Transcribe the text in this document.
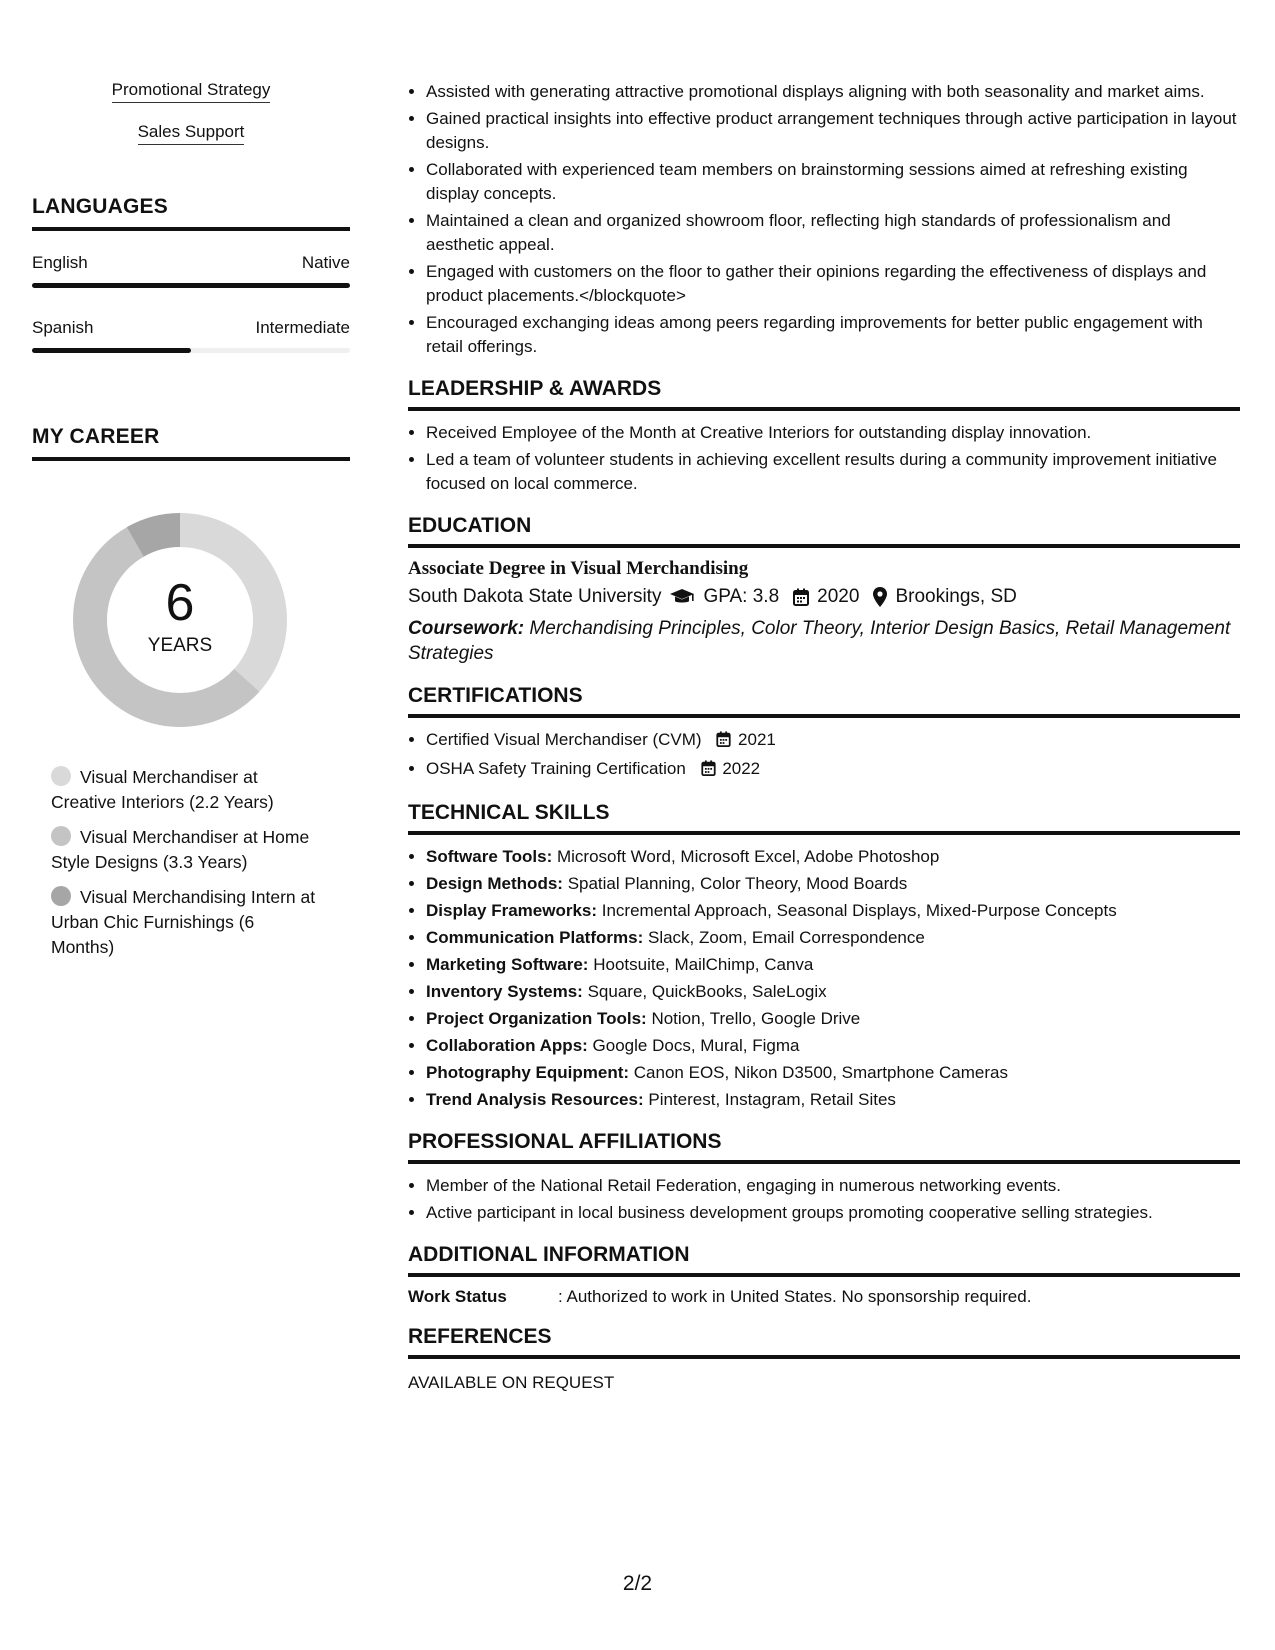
Promotional Strategy
Sales Support
LANGUAGES
English	Native
Spanish	Intermediate
MY CAREER
6
YEARS
Visual Merchandiser at Creative Interiors (2.2 Years)
Visual Merchandiser at Home Style Designs (3.3 Years)
Visual Merchandising Intern at Urban Chic Furnishings (6 Months)
• Assisted with generating attractive promotional displays aligning with both seasonality and market aims.
• Gained practical insights into effective product arrangement techniques through active participation in layout designs.
• Collaborated with experienced team members on brainstorming sessions aimed at refreshing existing display concepts.
• Maintained a clean and organized showroom floor, reflecting high standards of professionalism and aesthetic appeal.
• Engaged with customers on the floor to gather their opinions regarding the effectiveness of displays and product placements.</blockquote>
• Encouraged exchanging ideas among peers regarding improvements for better public engagement with retail offerings.
LEADERSHIP & AWARDS
• Received Employee of the Month at Creative Interiors for outstanding display innovation.
• Led a team of volunteer students in achieving excellent results during a community improvement initiative focused on local commerce.
EDUCATION
Associate Degree in Visual Merchandising
South Dakota State University GPA: 3.8 2020 Brookings, SD
Coursework: Merchandising Principles, Color Theory, Interior Design Basics, Retail Management Strategies
CERTIFICATIONS
• Certified Visual Merchandiser (CVM) 2021
• OSHA Safety Training Certification 2022
TECHNICAL SKILLS
• Software Tools: Microsoft Word, Microsoft Excel, Adobe Photoshop
• Design Methods: Spatial Planning, Color Theory, Mood Boards
• Display Frameworks: Incremental Approach, Seasonal Displays, Mixed-Purpose Concepts
• Communication Platforms: Slack, Zoom, Email Correspondence
• Marketing Software: Hootsuite, MailChimp, Canva
• Inventory Systems: Square, QuickBooks, SaleLogix
• Project Organization Tools: Notion, Trello, Google Drive
• Collaboration Apps: Google Docs, Mural, Figma
• Photography Equipment: Canon EOS, Nikon D3500, Smartphone Cameras
• Trend Analysis Resources: Pinterest, Instagram, Retail Sites
PROFESSIONAL AFFILIATIONS
• Member of the National Retail Federation, engaging in numerous networking events.
• Active participant in local business development groups promoting cooperative selling strategies.
ADDITIONAL INFORMATION
Work Status	: Authorized to work in United States. No sponsorship required.
REFERENCES
AVAILABLE ON REQUEST
2/2
